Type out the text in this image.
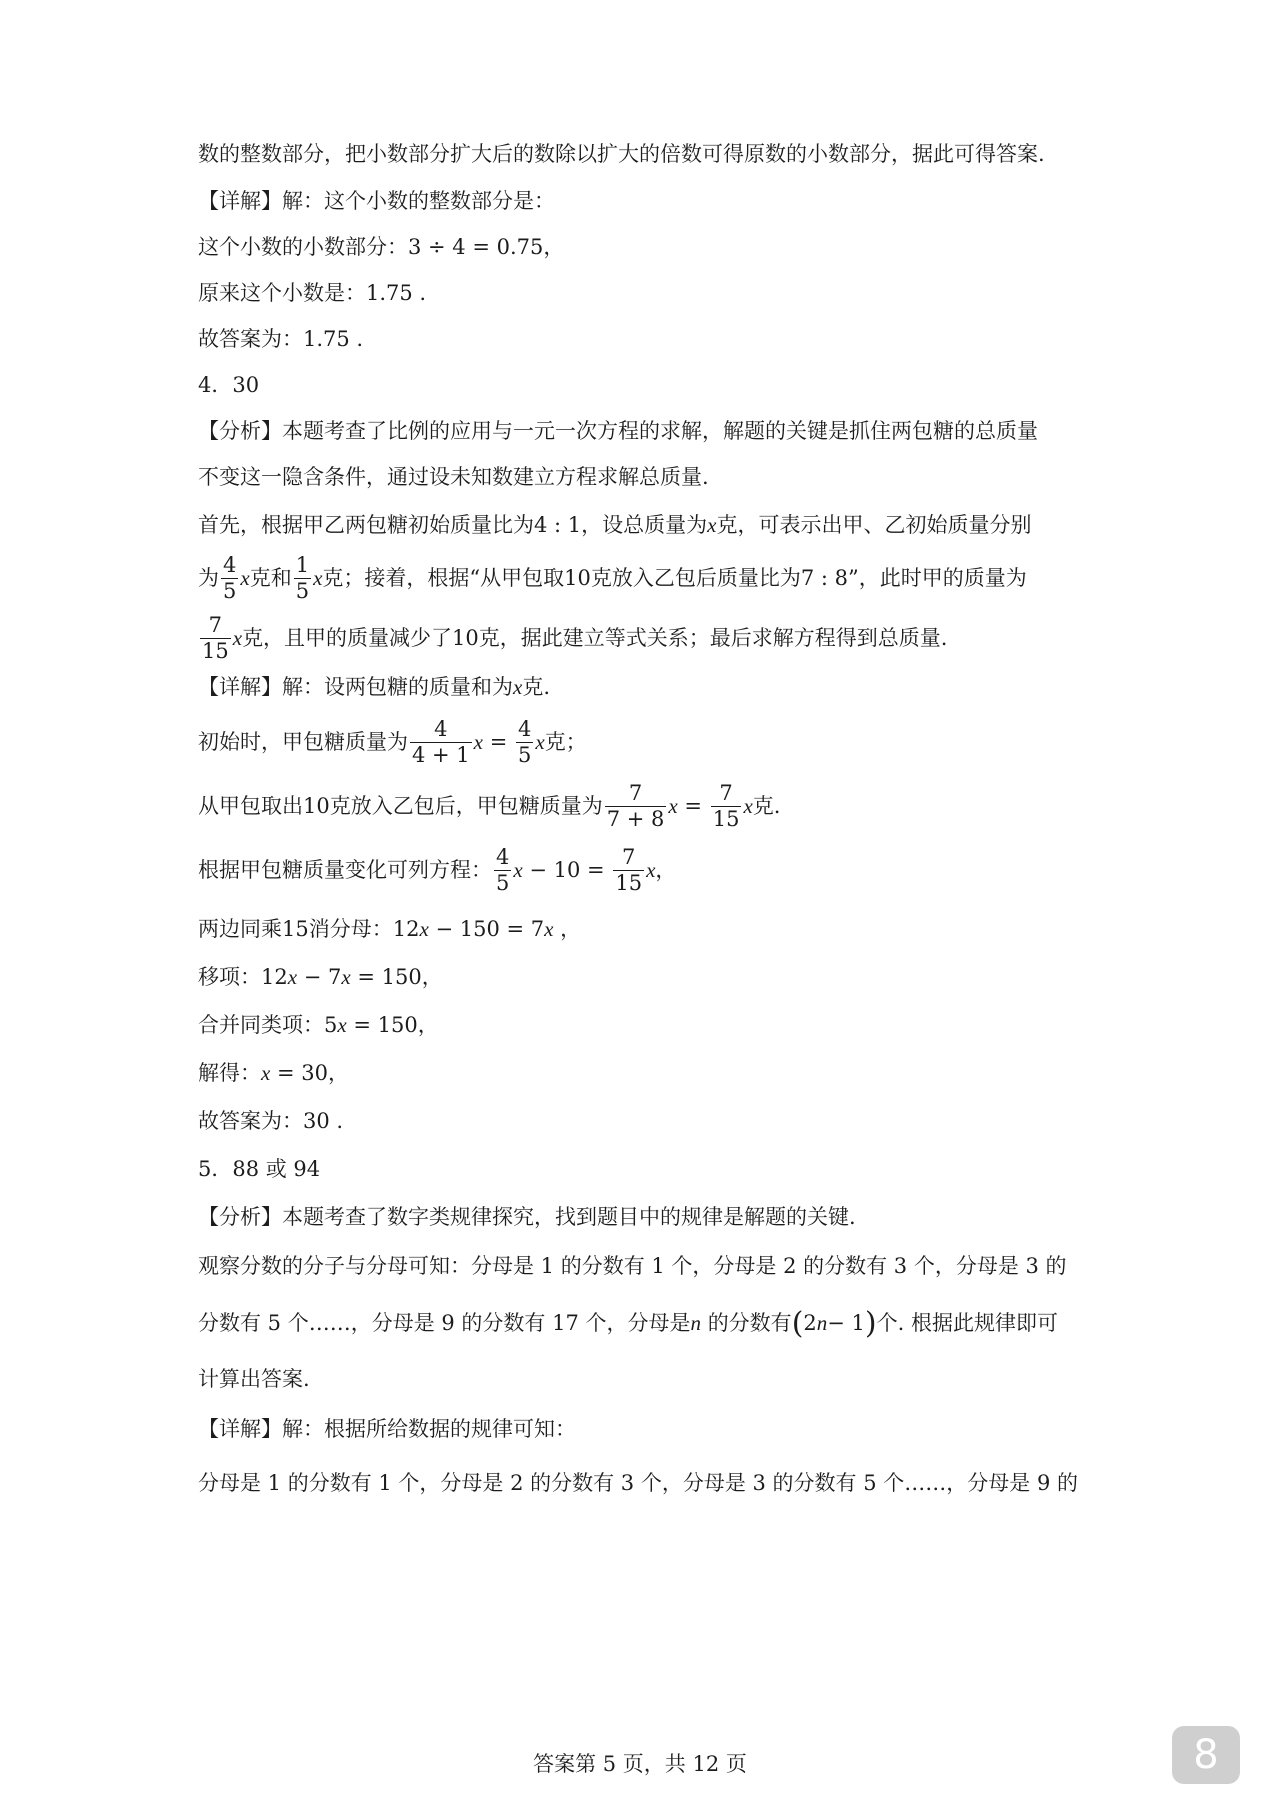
数的整数部分，把小数部分扩大后的数除以扩大的倍数可得原数的小数部分，据此可得答案.
【详解】解：这个小数的整数部分是：
这个小数的小数部分：3 ÷ 4 = 0.75，
原来这个小数是：1.75 .
故答案为：1.75 .
4．30
【分析】本题考查了比例的应用与一元一次方程的求解，解题的关键是抓住两包糖的总质量
不变这一隐含条件，通过设未知数建立方程求解总质量.
首先，根据甲乙两包糖初始质量比为4 : 1，设总质量为x克，可表示出甲、乙初始质量分别
为 $\frac{4}{5}$ x 克和 $\frac{1}{5}$ x 克；接着，根据“从甲包取10克放入乙包后质量比为7 : 8”，此时甲的质量为
$\frac{7}{15}$ x 克，且甲的质量减少了10克，据此建立等式关系；最后求解方程得到总质量.
【详解】解：设两包糖的质量和为x克.
初始时，甲包糖质量为 $\frac{4}{4 + 1}$ x
=
$\frac{4}{5}$ x 克；
从甲包取出10克放入乙包后，甲包糖质量为 $\frac{7}{7 + 8}$ x
=
$\frac{7}{15}$ x 克.
根据甲包糖质量变化可列方程： $\frac{4}{5}$ x
− 10 =
$\frac{7}{15}$ x ，
两边同乘15消分母：12x − 150 = 7x ，
移项：12x − 7x = 150，
合并同类项：5x = 150，
解得：x = 30，
故答案为：30 .
5．88 或 94
【分析】本题考查了数字类规律探究，找到题目中的规律是解题的关键.
观察分数的分子与分母可知：分母是 1 的分数有 1 个，分母是 2 的分数有 3 个，分母是 3 的
分数有 5 个……，分母是 9 的分数有 17 个，分母是n 的分数有(2n− 1)个. 根据此规律即可
计算出答案.
【详解】解：根据所给数据的规律可知：
分母是 1 的分数有 1 个，分母是 2 的分数有 3 个，分母是 3 的分数有 5 个……，分母是 9 的
答案第 5 页，共 12 页	8
